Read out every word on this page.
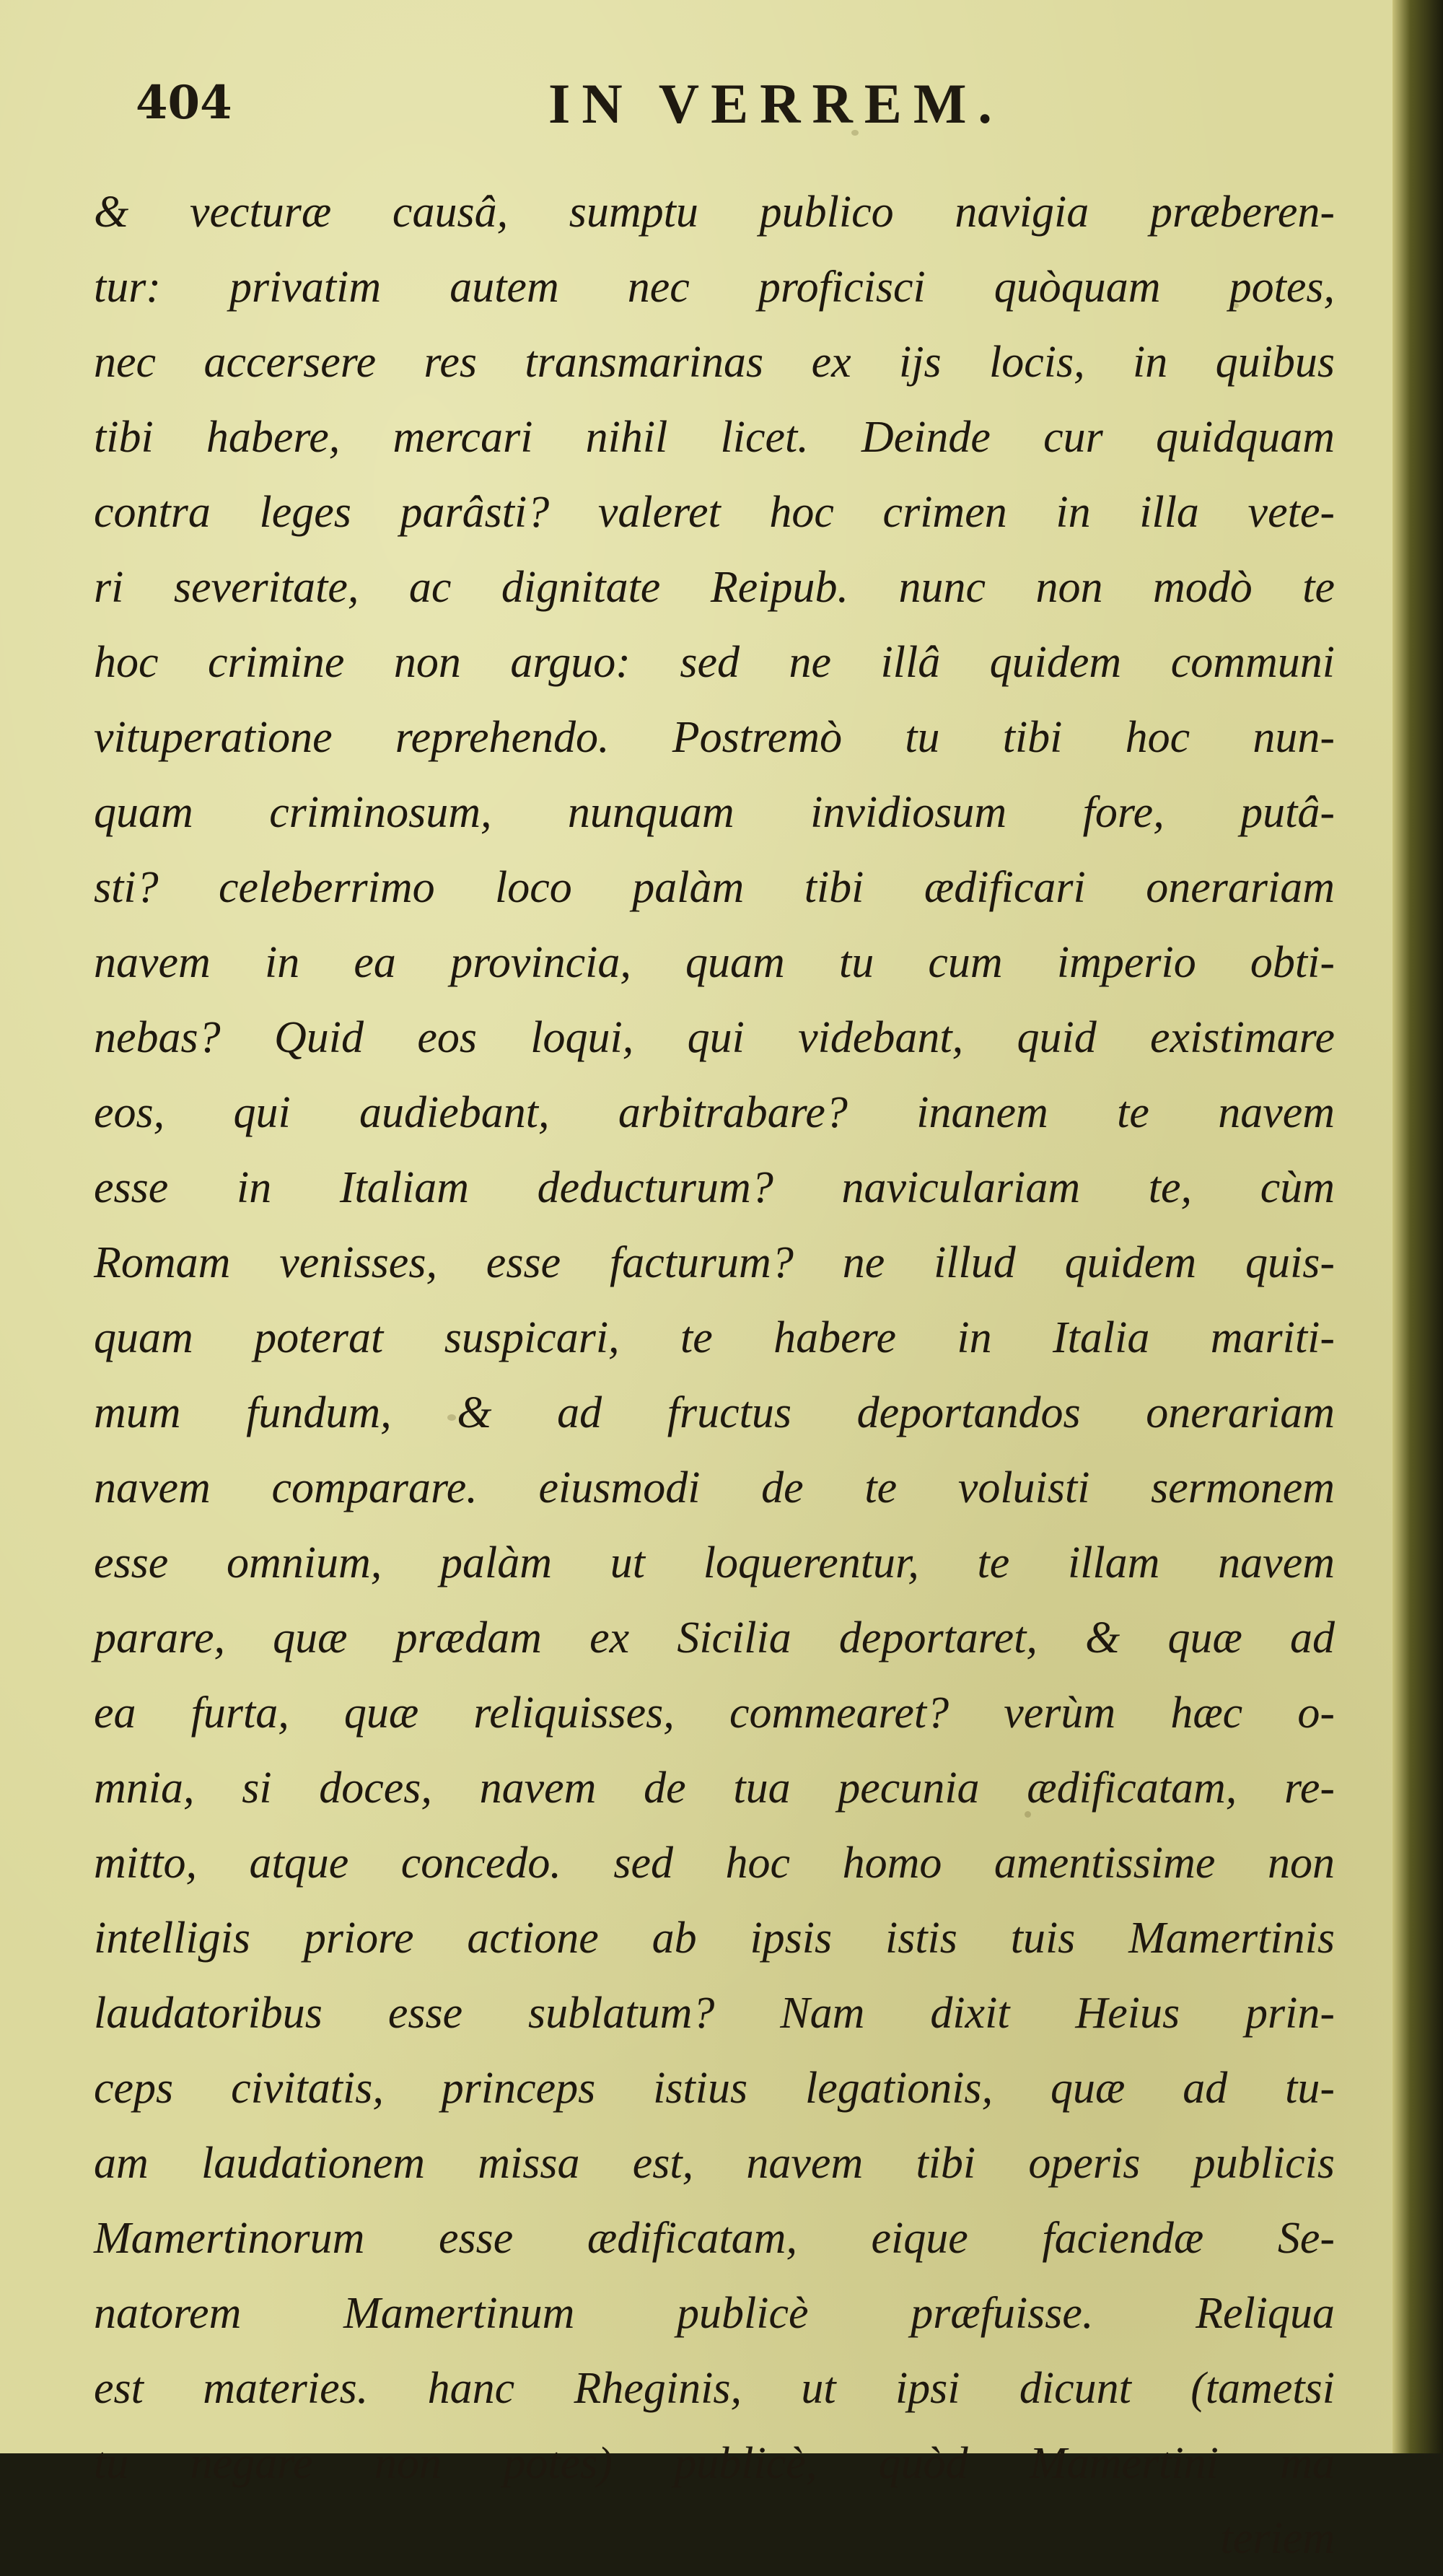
404	IN VERREM.
& vecturæ causâ, sumptu publico navigia præberen-
tur: privatim autem nec proficisci quòquam potes,
nec accersere res transmarinas ex ijs locis, in quibus
tibi habere, mercari nihil licet. Deinde cur quidquam
contra leges parâsti? valeret hoc crimen in illa vete-
ri severitate, ac dignitate Reipub. nunc non modò te
hoc crimine non arguo: sed ne illâ quidem communi
vituperatione reprehendo. Postremò tu tibi hoc nun-
quam criminosum, nunquam invidiosum fore, putâ-
sti? celeberrimo loco palàm tibi ædificari onerariam
navem in ea provincia, quam tu cum imperio obti-
nebas? Quid eos loqui, qui videbant, quid existimare
eos, qui audiebant, arbitrabare? inanem te navem
esse in Italiam deducturum? navicularіam te, cùm
Romam venisses, esse facturum? ne illud quidem quis-
quam poterat suspicari, te habere in Italia mariti-
mum fundum, & ad fructus deportandos onerariam
navem comparare. eiusmodi de te voluisti sermonem
esse omnium, palàm ut loquerentur, te illam navem
parare, quæ prædam ex Sicilia deportaret, & quæ ad
ea furta, quæ reliquisses, commearet? verùm hæc o-
mnia, si doces, navem de tua pecunia ædificatam, re-
mitto, atque concedo. sed hoc homo amentissime non
intelligis priore actione ab ipsis istis tuis Mamertinis
laudatoribus esse sublatum? Nam dixit Heius prin-
ceps civitatis, princeps istius legationis, quæ ad tu-
am laudationem missa est, navem tibi operis publicis
Mamertinorum esse ædificatam, eique faciendæ Se-
natorem Mamertinum publicè præfuisse. Reliqua
est materies. hanc Rheginis, ut ipsi dicunt (tametsi
tu negare non potes) publicè, quòd Mamertini ma
teriem
